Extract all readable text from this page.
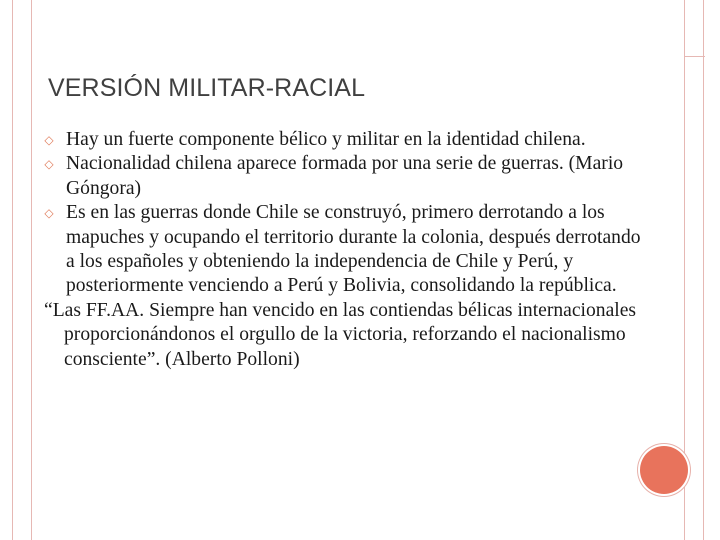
VERSIÓN MILITAR-RACIAL
◇ Hay un fuerte componente bélico y militar en la identidad chilena.
◇ Nacionalidad chilena aparece formada por una serie de guerras. (Mario Góngora)
◇ Es en las guerras donde Chile se construyó, primero derrotando a los mapuches y ocupando el territorio durante la colonia, después derrotando a los españoles y obteniendo la independencia de Chile y Perú, y posteriormente venciendo a Perú y Bolivia, consolidando la república.
“Las FF.AA. Siempre han vencido en las contiendas bélicas internacionales proporcionándonos el orgullo de la victoria, reforzando el nacionalismo consciente”. (Alberto Polloni)
